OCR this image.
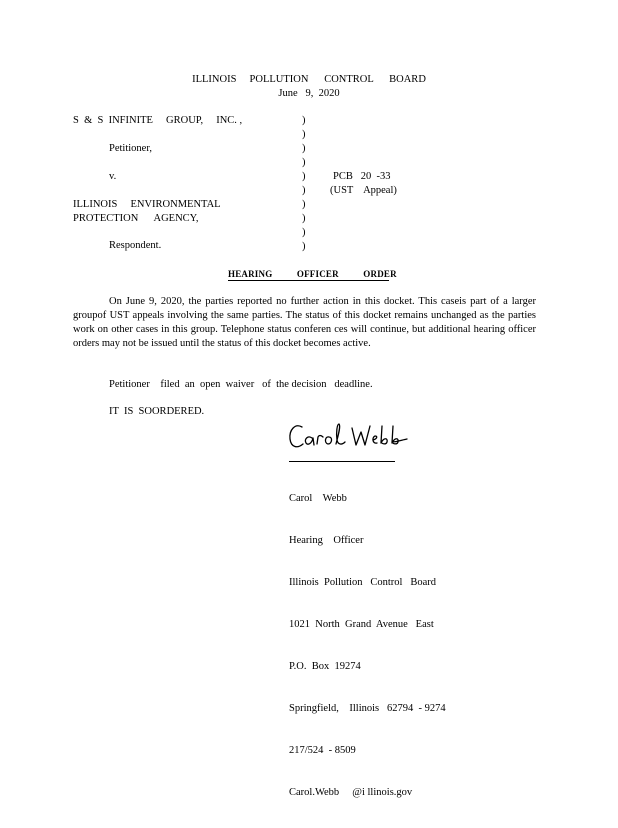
ILLINOIS     POLLUTION      CONTROL      BOARD
June   9,  2020
S  &  S  INFINITE     GROUP,     INC. ,
Petitioner,
v.
ILLINOIS     ENVIRONMENTAL
PROTECTION      AGENCY,
Respondent.
)
)
)
)
)
)
)
)
)
)
PCB   20  -33
(UST    Appeal)
HEARING          OFFICER          ORDER
On June 9, 2020, the parties reported no further action in this docket. This caseis part of a larger groupof UST appeals involving the same parties. The status of this docket remains unchanged as the parties work on other cases in this group. Telephone status conferen ces will continue, but additional hearing officer orders may not be issued until the status of this docket becomes active.
Petitioner    filed  an  open  waiver   of  the decision   deadline.
IT  IS  SOORDERED.

Carol    Webb

Hearing    Officer

Illinois  Pollution   Control   Board

1021  North  Grand  Avenue   East

P.O.  Box  19274

Springfield,    Illinois   62794  - 9274

217/524  - 8509

Carol.Webb     @i llinois.gov
